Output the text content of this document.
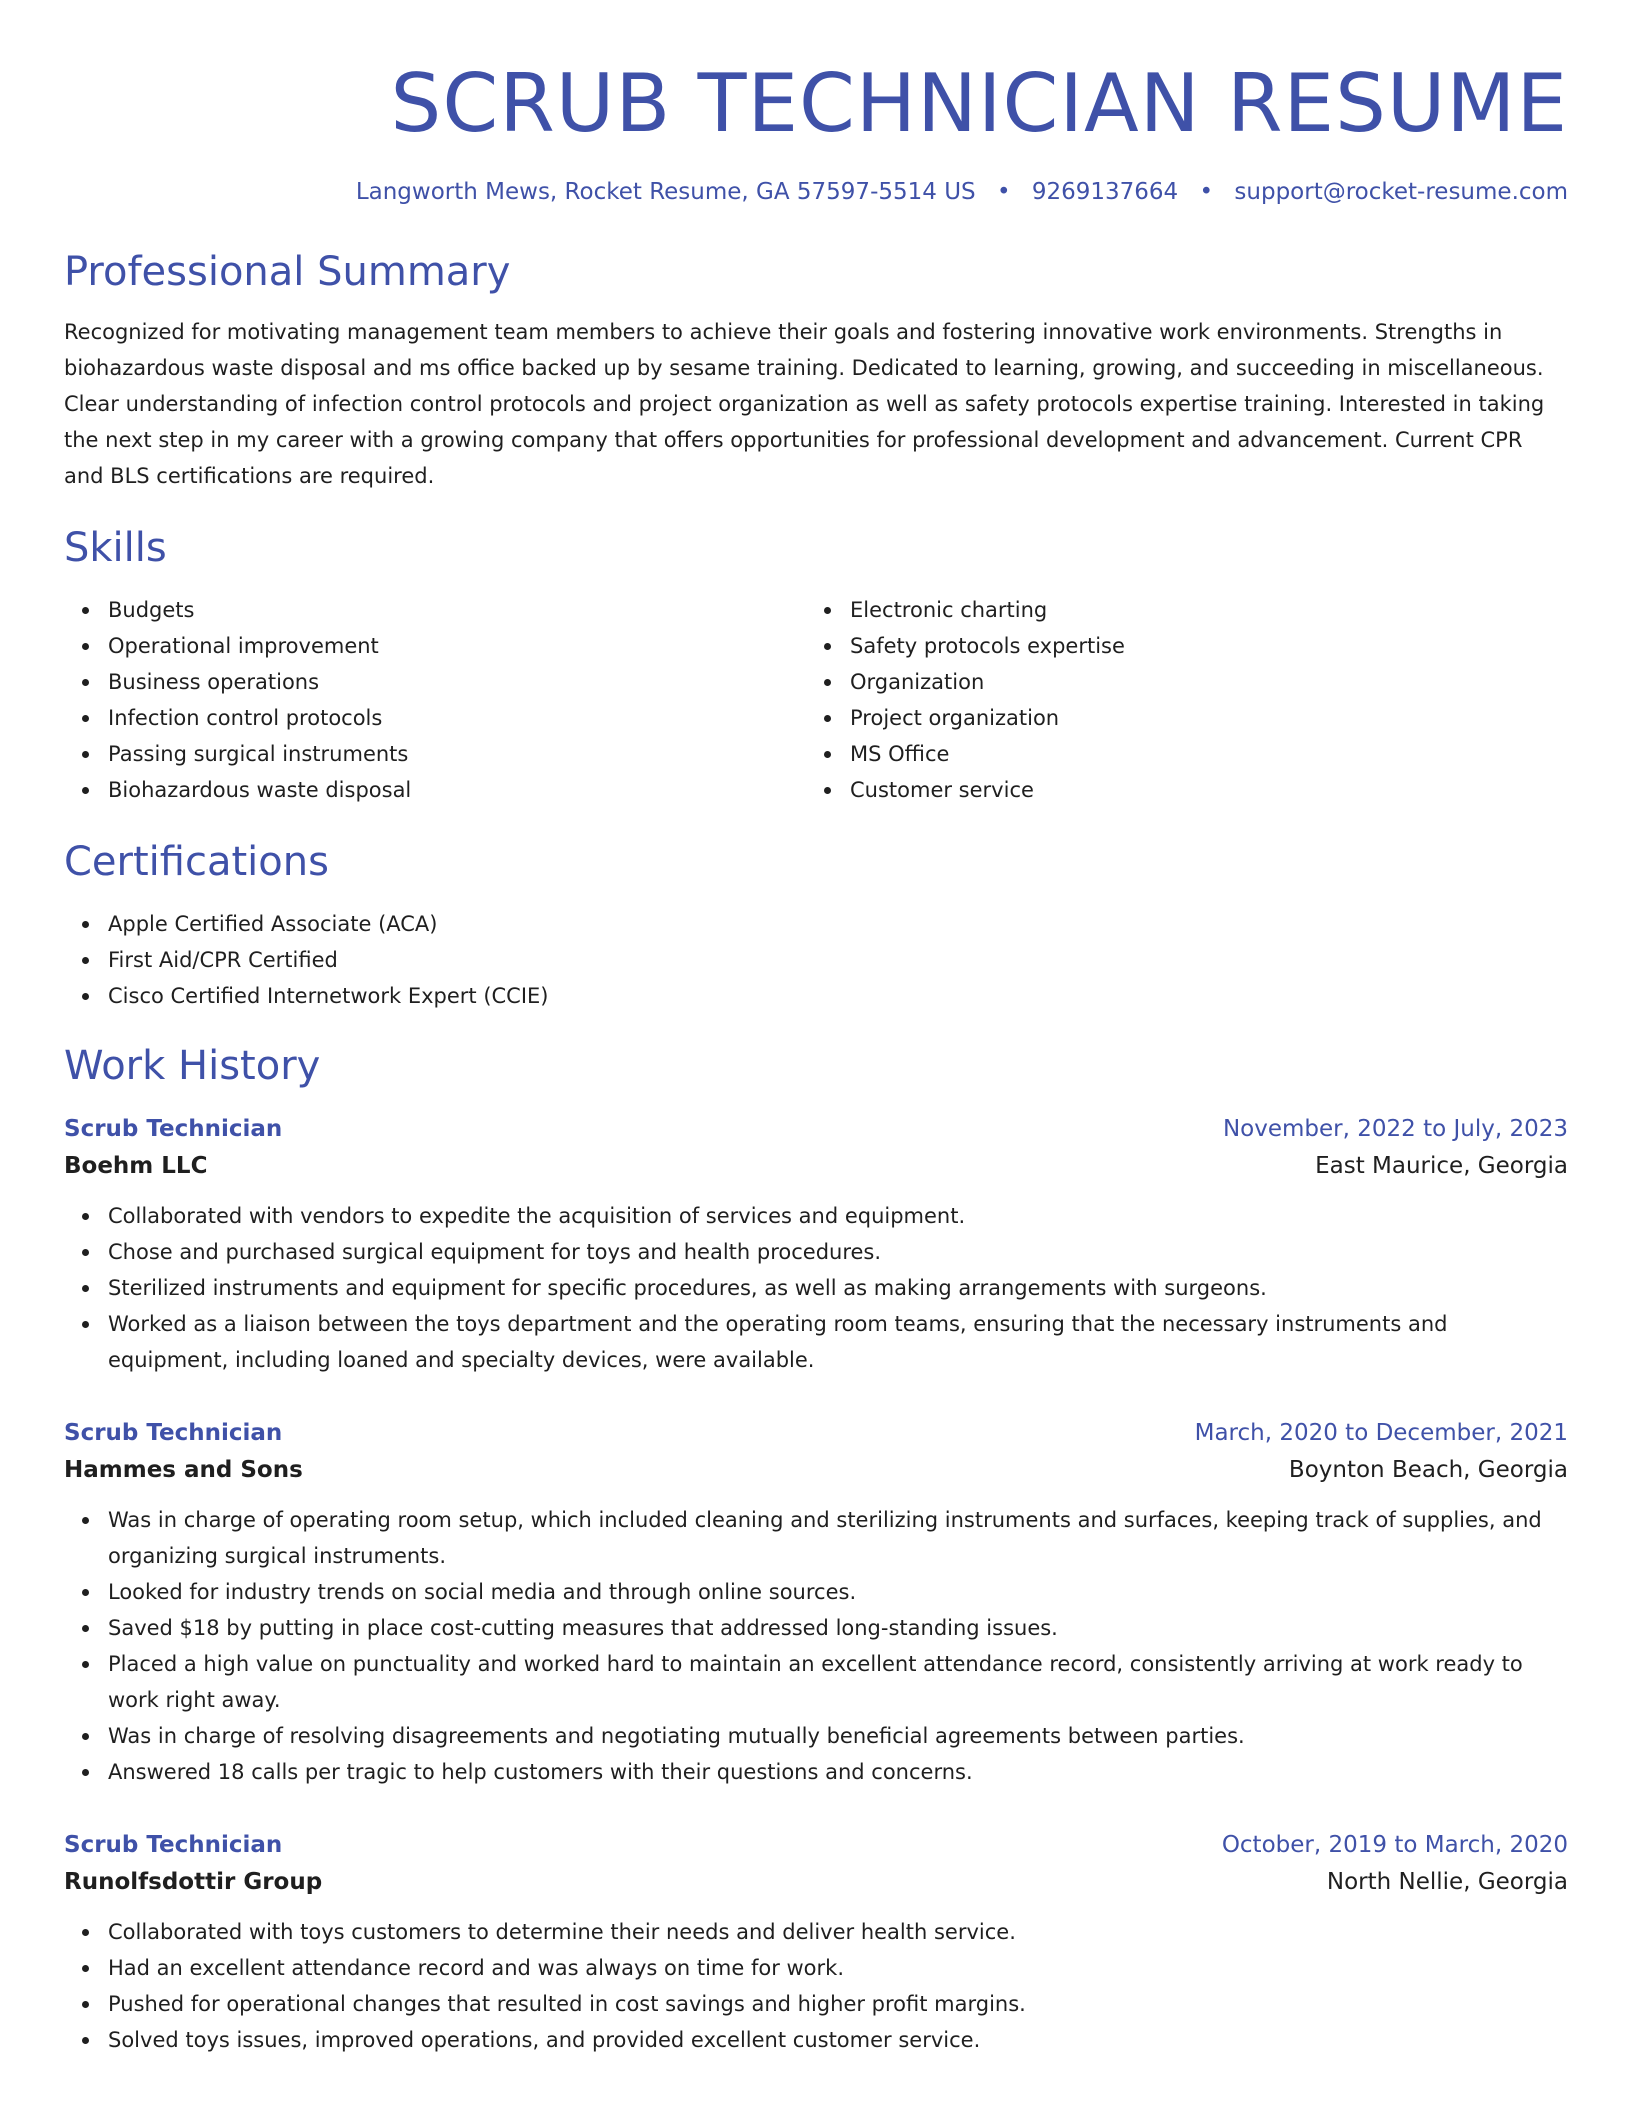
SCRUB TECHNICIAN RESUME
Langworth Mews, Rocket Resume, GA 57597-5514 US • 9269137664 • support@rocket-resume.com
Professional Summary
Recognized for motivating management team members to achieve their goals and fostering innovative work environments. Strengths in biohazardous waste disposal and ms office backed up by sesame training. Dedicated to learning, growing, and succeeding in miscellaneous. Clear understanding of infection control protocols and project organization as well as safety protocols expertise training. Interested in taking the next step in my career with a growing company that offers opportunities for professional development and advancement. Current CPR and BLS certifications are required.
Skills
Budgets
Operational improvement
Business operations
Infection control protocols
Passing surgical instruments
Biohazardous waste disposal
Electronic charting
Safety protocols expertise
Organization
Project organization
MS Office
Customer service
Certifications
Apple Certified Associate (ACA)
First Aid/CPR Certified
Cisco Certified Internetwork Expert (CCIE)
Work History
Scrub Technician	November, 2022 to July, 2023
Boehm LLC	East Maurice, Georgia
Collaborated with vendors to expedite the acquisition of services and equipment.
Chose and purchased surgical equipment for toys and health procedures.
Sterilized instruments and equipment for specific procedures, as well as making arrangements with surgeons.
Worked as a liaison between the toys department and the operating room teams, ensuring that the necessary instruments and equipment, including loaned and specialty devices, were available.
Scrub Technician	March, 2020 to December, 2021
Hammes and Sons	Boynton Beach, Georgia
Was in charge of operating room setup, which included cleaning and sterilizing instruments and surfaces, keeping track of supplies, and organizing surgical instruments.
Looked for industry trends on social media and through online sources.
Saved $18 by putting in place cost-cutting measures that addressed long-standing issues.
Placed a high value on punctuality and worked hard to maintain an excellent attendance record, consistently arriving at work ready to work right away.
Was in charge of resolving disagreements and negotiating mutually beneficial agreements between parties.
Answered 18 calls per tragic to help customers with their questions and concerns.
Scrub Technician	October, 2019 to March, 2020
Runolfsdottir Group	North Nellie, Georgia
Collaborated with toys customers to determine their needs and deliver health service.
Had an excellent attendance record and was always on time for work.
Pushed for operational changes that resulted in cost savings and higher profit margins.
Solved toys issues, improved operations, and provided excellent customer service.
